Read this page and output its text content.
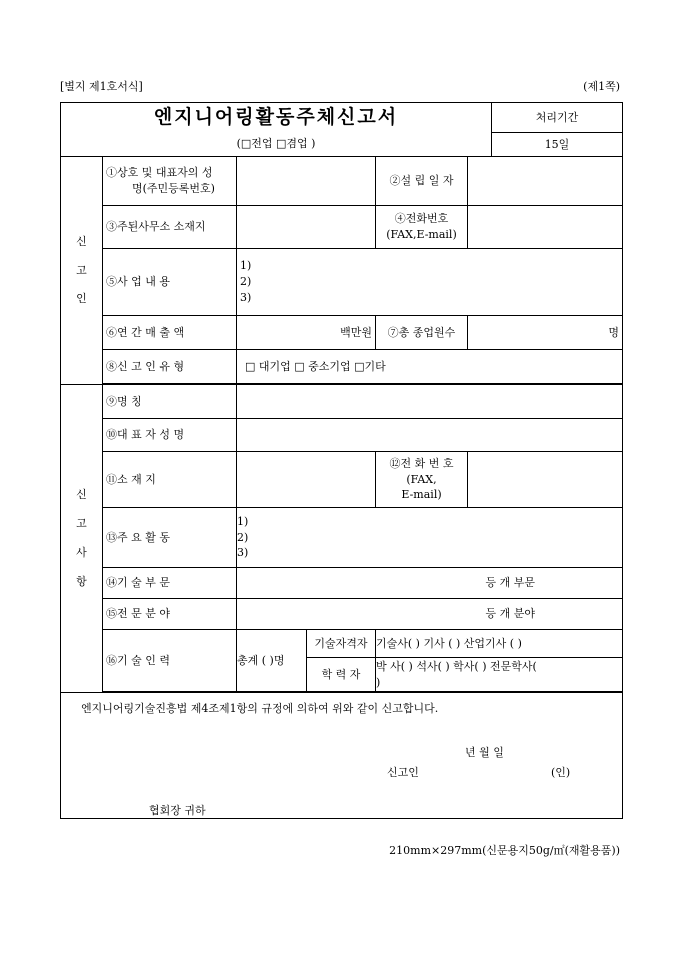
[별지 제1호서식]	(제1쪽)
엔지니어링활동주체신고서						처리기간
(□전업 □겸업 )						15일

신
고
인	①상호 및 대표자의 성
명(주민등록번호)			②설 립 일 자		
	③주된사무소 소재지			④전화번호
(FAX,E-mail)		

	⑤사 업 내 용	1)
2)
3)				

	⑥연 간 매 출 액	백만원		⑦총 종업원수	명	
	⑧신 고 인 유 형	□ 대기업 □ 중소기업 □기타				

신
고
사
항	⑨명 칭					
	⑩대 표 자 성 명					
	⑪소 재 지			⑫전 화 번 호
(FAX,
E-mail)		

	⑬주 요 활 동	1)
2)
3)				

	⑭기 술 부 문				등 개 부문	
	⑮전 문 분 야				등 개 분야	
	⑯기 술 인 력	총계 ( )명	기술자격자	기술사( ) 기사 ( ) 산업기사 ( )		
			학 력 자	박 사( ) 석사( ) 학사( ) 전문학사(
)		

엔지니어링기술진흥법 제4조제1항의 규정에 의하여 위와 같이 신고합니다.
년 월 일
신고인 (인)
협회장 귀하						
210mm×297mm(신문용지50g/㎡(재활용품))
